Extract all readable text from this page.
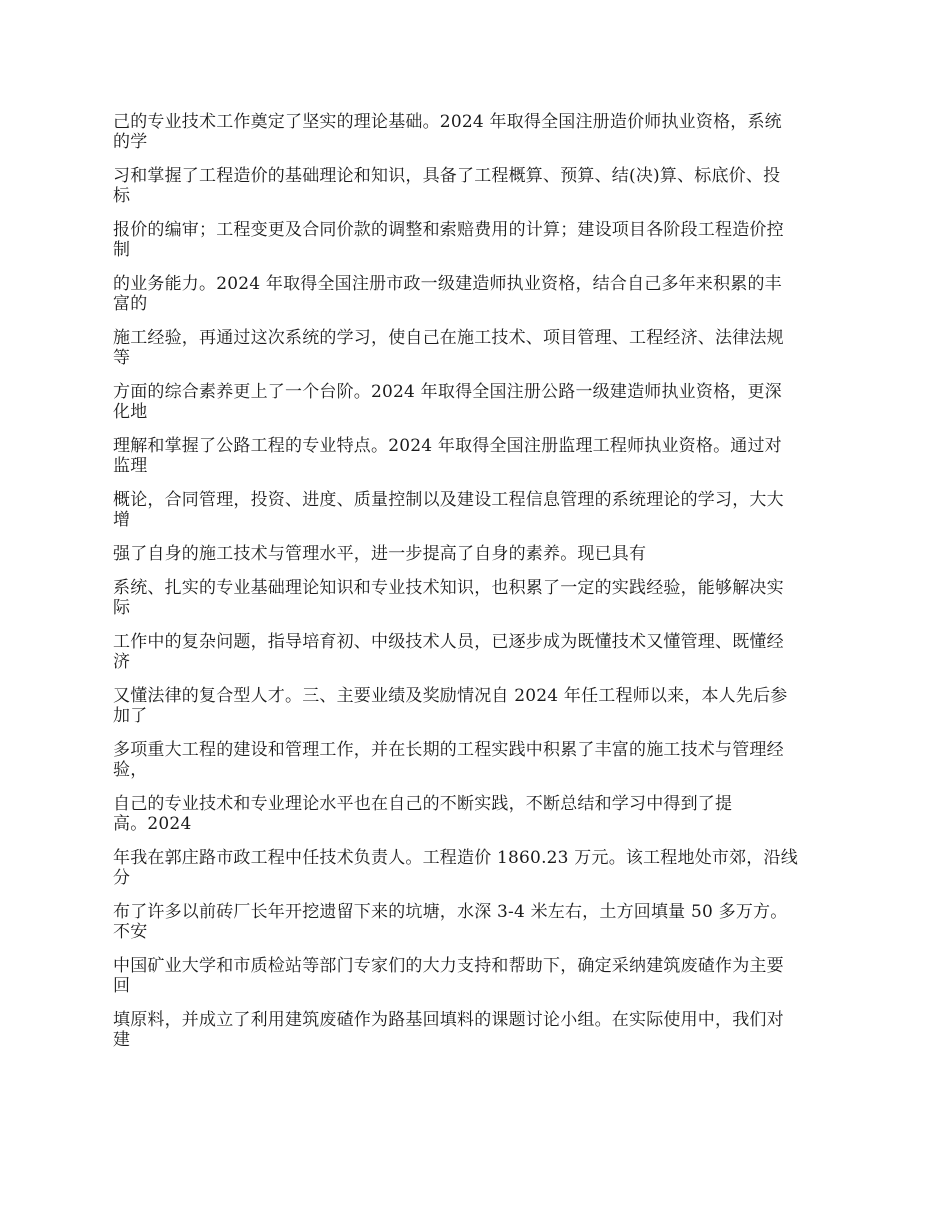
己的专业技术工作奠定了坚实的理论基础。2024 年取得全国注册造价师执业资格，系统
的学

习和掌握了工程造价的基础理论和知识，具备了工程概算、预算、结(决)算、标底价、投
标

报价的编审；工程变更及合同价款的调整和索赔费用的计算；建设项目各阶段工程造价控
制

的业务能力。2024 年取得全国注册市政一级建造师执业资格，结合自己多年来积累的丰
富的

施工经验，再通过这次系统的学习，使自己在施工技术、项目管理、工程经济、法律法规
等

方面的综合素养更上了一个台阶。2024 年取得全国注册公路一级建造师执业资格，更深
化地

理解和掌握了公路工程的专业特点。2024 年取得全国注册监理工程师执业资格。通过对
监理

概论，合同管理，投资、进度、质量控制以及建设工程信息管理的系统理论的学习，大大
增

强了自身的施工技术与管理水平，进一步提高了自身的素养。现已具有

系统、扎实的专业基础理论知识和专业技术知识，也积累了一定的实践经验，能够解决实
际

工作中的复杂问题，指导培育初、中级技术人员，已逐步成为既懂技术又懂管理、既懂经
济

又懂法律的复合型人才。三、主要业绩及奖励情况自 2024 年任工程师以来，本人先后参
加了

多项重大工程的建设和管理工作，并在长期的工程实践中积累了丰富的施工技术与管理经
验，

自己的专业技术和专业理论水平也在自己的不断实践，不断总结和学习中得到了提
高。2024

年我在郭庄路市政工程中任技术负责人。工程造价 1860.23 万元。该工程地处市郊，沿线
分

布了许多以前砖厂长年开挖遗留下来的坑塘，水深 3-4 米左右，土方回填量 50 多万方。
不安

中国矿业大学和市质检站等部门专家们的大力支持和帮助下，确定采纳建筑废碴作为主要
回

填原料，并成立了利用建筑废碴作为路基回填料的课题讨论小组。在实际使用中，我们对
建
